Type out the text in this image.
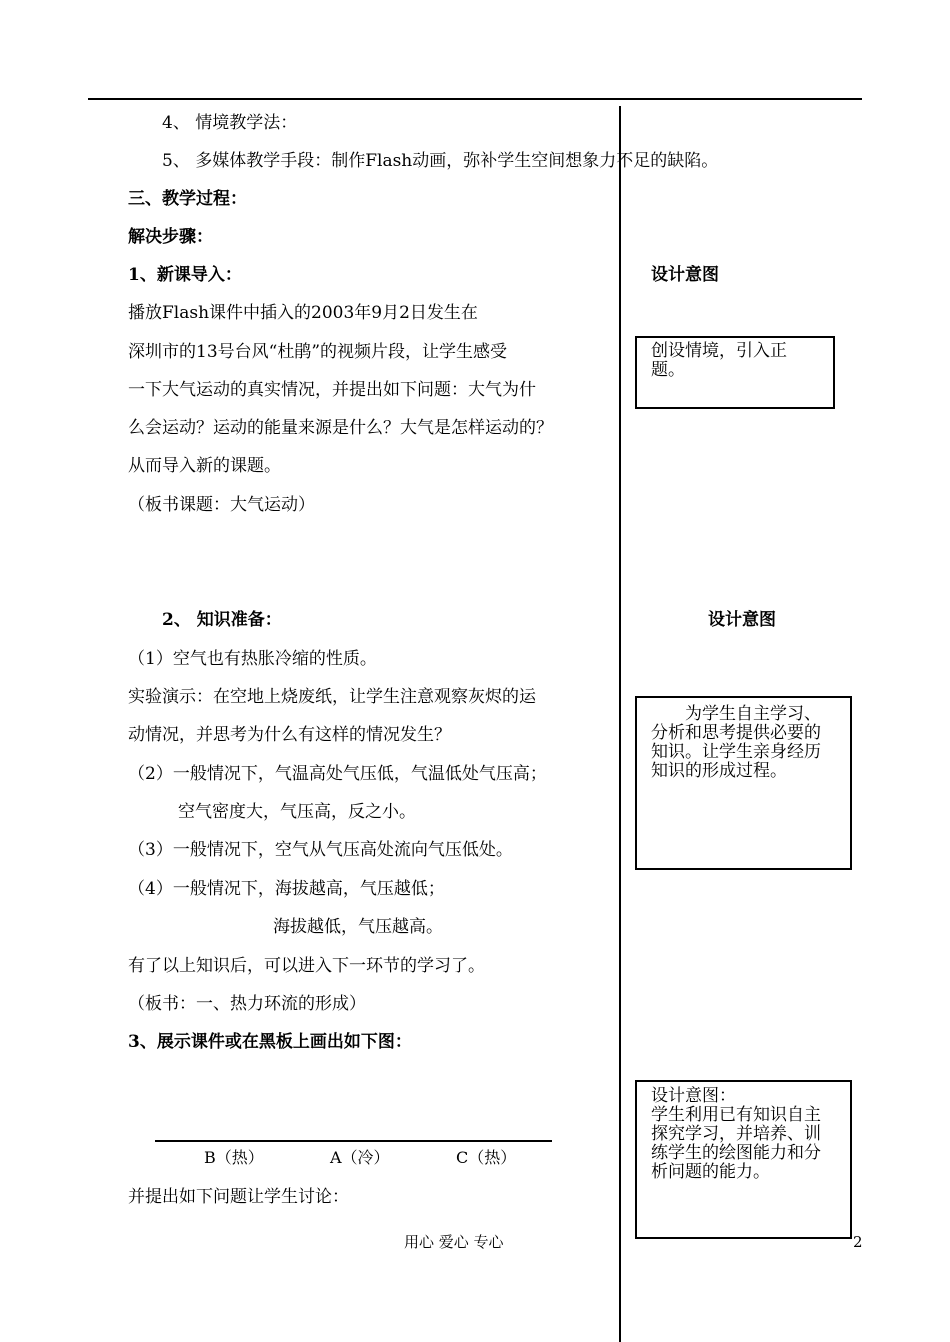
4、 情境教学法：
5、 多媒体教学手段：制作Flash动画，弥补学生空间想象力不足的缺陷。
三、教学过程：
解决步骤：
1、新课导入：
播放Flash课件中插入的2003年9月2日发生在
深圳市的13号台风“杜鹃”的视频片段，让学生感受
一下大气运动的真实情况，并提出如下问题：大气为什
么会运动？运动的能量来源是什么？大气是怎样运动的？
从而导入新的课题。
（板书课题：大气运动）
2、 知识准备：
（1）空气也有热胀冷缩的性质。
实验演示：在空地上烧废纸，让学生注意观察灰烬的运
动情况，并思考为什么有这样的情况发生？
（2）一般情况下，气温高处气压低，气温低处气压高；
空气密度大，气压高，反之小。
（3）一般情况下，空气从气压高处流向气压低处。
（4）一般情况下，海拔越高，气压越低；
海拔越低，气压越高。
有了以上知识后，可以进入下一环节的学习了。
（板书：一、热力环流的形成）
3、展示课件或在黑板上画出如下图：
B（热）	A（冷）	C（热）
并提出如下问题让学生讨论：
设计意图
创设情境，引入正题。
设计意图
为学生自主学习、分析和思考提供必要的知识。让学生亲身经历知识的形成过程。
设计意图：
学生利用已有知识自主探究学习，并培养、训练学生的绘图能力和分析问题的能力。
用心 爱心 专心	2
